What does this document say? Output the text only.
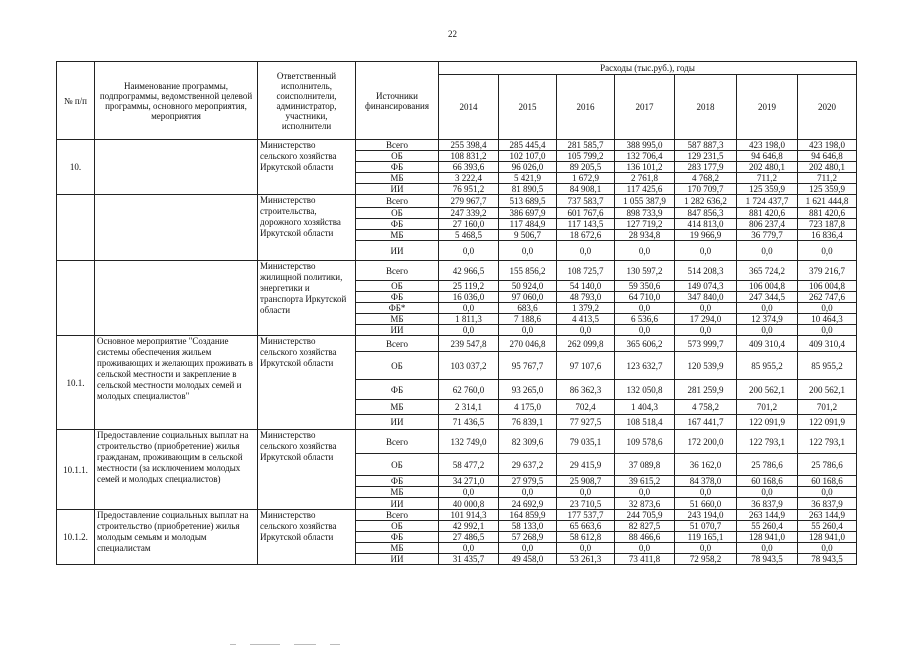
22
№ п/п	Наименование программы, подпрограммы, ведомственной целевой программы, основного мероприятия, мероприятия	Ответственный исполнитель, соисполнители, администратор, участники, исполнители	Источники финансирования	Расходы (тыс.руб.), годы						
				2014	2015	2016	2017	2018	2019	2020
10.		Министерство сельского хозяйства Иркутской области	Всего	255 398,4	285 445,4	281 585,7	388 995,0	587 887,3	423 198,0	423 198,0
			ОБ	108 831,2	102 107,0	105 799,2	132 706,4	129 231,5	94 646,8	94 646,8
			ФБ	66 393,6	96 026,0	89 205,5	136 101,2	283 177,9	202 480,1	202 480,1
			МБ	3 222,4	5 421,9	1 672,9	2 761,8	4 768,2	711,2	711,2
			ИИ	76 951,2	81 890,5	84 908,1	117 425,6	170 709,7	125 359,9	125 359,9
		Министерство строительства, дорожного хозяйства Иркутской области	Всего	279 967,7	513 689,5	737 583,7	1 055 387,9	1 282 636,2	1 724 437,7	1 621 444,8
			ОБ	247 339,2	386 697,9	601 767,6	898 733,9	847 856,3	881 420,6	881 420,6
			ФБ	27 160,0	117 484,9	117 143,5	127 719,2	414 813,0	806 237,4	723 187,8
			МБ	5 468,5	9 506,7	18 672,6	28 934,8	19 966,9	36 779,7	16 836,4
			ИИ	0,0	0,0	0,0	0,0	0,0	0,0	0,0
		Министерство жилищной политики, энергетики и транспорта Иркутской области	Всего	42 966,5	155 856,2	108 725,7	130 597,2	514 208,3	365 724,2	379 216,7
			ОБ	25 119,2	50 924,0	54 140,0	59 350,6	149 074,3	106 004,8	106 004,8
			ФБ	16 036,0	97 060,0	48 793,0	64 710,0	347 840,0	247 344,5	262 747,6
			ФБ*	0,0	683,6	1 379,2	0,0	0,0	0,0	0,0
			МБ	1 811,3	7 188,6	4 413,5	6 536,6	17 294,0	12 374,9	10 464,3
			ИИ	0,0	0,0	0,0	0,0	0,0	0,0	0,0
10.1.	Основное мероприятие "Создание системы обеспечения жильем проживающих и желающих проживать в сельской местности и закрепление в сельской местности молодых семей и молодых специалистов"	Министерство сельского хозяйства Иркутской области	Всего	239 547,8	270 046,8	262 099,8	365 606,2	573 999,7	409 310,4	409 310,4
			ОБ	103 037,2	95 767,7	97 107,6	123 632,7	120 539,9	85 955,2	85 955,2
			ФБ	62 760,0	93 265,0	86 362,3	132 050,8	281 259,9	200 562,1	200 562,1
			МБ	2 314,1	4 175,0	702,4	1 404,3	4 758,2	701,2	701,2
			ИИ	71 436,5	76 839,1	77 927,5	108 518,4	167 441,7	122 091,9	122 091,9
10.1.1.	Предоставление социальных выплат на строительство (приобретение) жилья гражданам, проживающим в сельской местности (за исключением молодых семей и молодых специалистов)	Министерство сельского хозяйства Иркутской области	Всего	132 749,0	82 309,6	79 035,1	109 578,6	172 200,0	122 793,1	122 793,1
			ОБ	58 477,2	29 637,2	29 415,9	37 089,8	36 162,0	25 786,6	25 786,6
			ФБ	34 271,0	27 979,5	25 908,7	39 615,2	84 378,0	60 168,6	60 168,6
			МБ	0,0	0,0	0,0	0,0	0,0	0,0	0,0
			ИИ	40 000,8	24 692,9	23 710,5	32 873,6	51 660,0	36 837,9	36 837,9
10.1.2.	Предоставление социальных выплат на строительство (приобретение) жилья молодым семьям и молодым специалистам	Министерство сельского хозяйства Иркутской области	Всего	101 914,3	164 859,9	177 537,7	244 705,9	243 194,0	263 144,9	263 144,9
			ОБ	42 992,1	58 133,0	65 663,6	82 827,5	51 070,7	55 260,4	55 260,4
			ФБ	27 486,5	57 268,9	58 612,8	88 466,6	119 165,1	128 941,0	128 941,0
			МБ	0,0	0,0	0,0	0,0	0,0	0,0	0,0
			ИИ	31 435,7	49 458,0	53 261,3	73 411,8	72 958,2	78 943,5	78 943,5
